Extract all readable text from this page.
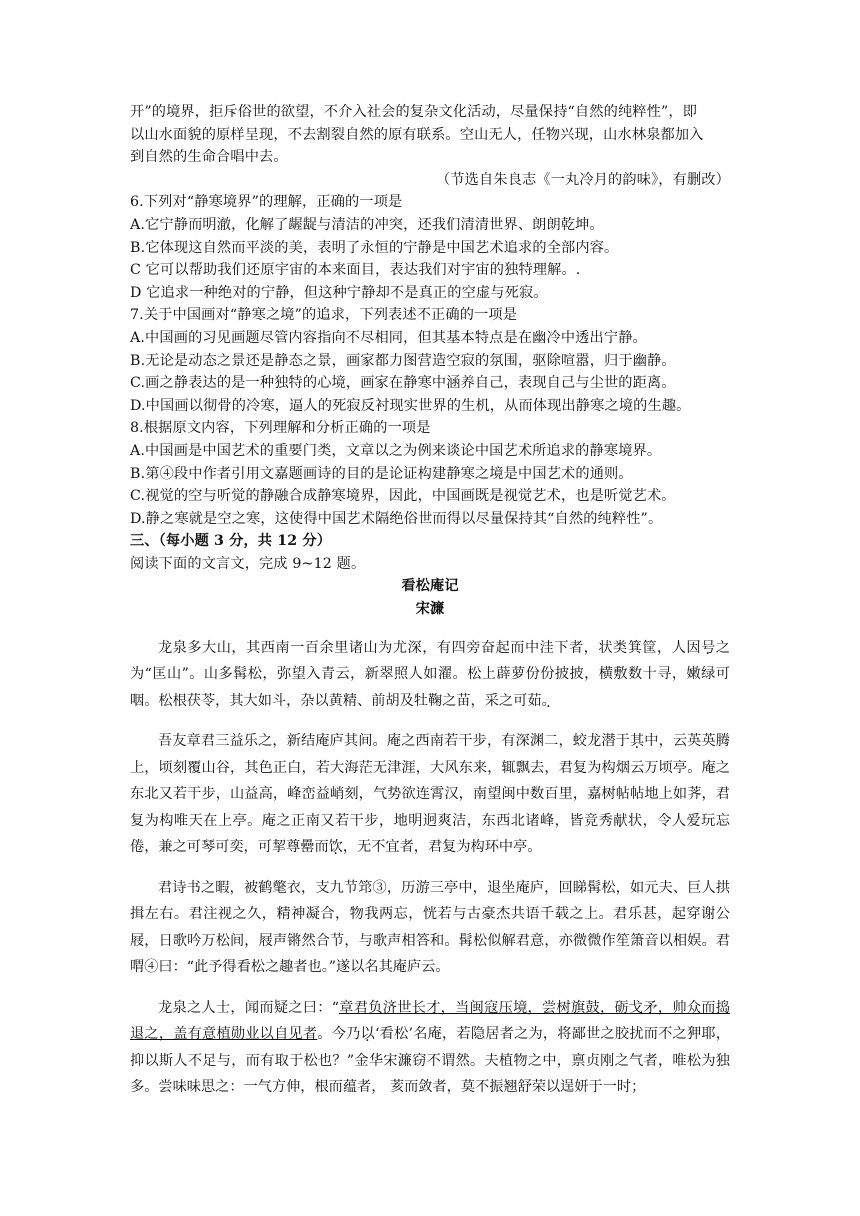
开”的境界，拒斥俗世的欲望，不介入社会的复杂文化活动，尽量保持“自然的纯粹性”，即
以山水面貌的原样呈现，不去割裂自然的原有联系。空山无人，任物兴现，山水林泉都加入
到自然的生命合唱中去。
（节选自朱良志《一丸冷月的韵味》，有删改）
6.下列对“静寒境界”的理解，正确的一项是
A.它宁静而明澈，化解了龌龊与清洁的冲突，还我们清清世界、朗朗乾坤。
B.它体现这自然而平淡的美，表明了永恒的宁静是中国艺术追求的全部内容。
C 它可以帮助我们还原宇宙的本来面目，表达我们对宇宙的独特理解。.
D 它追求一种绝对的宁静，但这种宁静却不是真正的空虚与死寂。
7.关于中国画对“静寒之境”的追求，下列表述不正确的一项是
A.中国画的习见画题尽管内容指向不尽相同，但其基本特点是在幽冷中透出宁静。
B.无论是动态之景还是静态之景，画家都力图营造空寂的氛围，驱除喧嚣，归于幽静。
C.画之静表达的是一种独特的心境，画家在静寒中涵养自己，表现自己与尘世的距离。
D.中国画以彻骨的冷寒，逼人的死寂反衬现实世界的生机，从而体现出静寒之境的生趣。
8.根据原文内容，下列理解和分析正确的一项是
A.中国画是中国艺术的重要门类，文章以之为例来谈论中国艺术所追求的静寒境界。
B.第④段中作者引用文嘉题画诗的目的是论证构建静寒之境是中国艺术的通则。
C.视觉的空与听觉的静融合成静寒境界，因此，中国画既是视觉艺术，也是听觉艺术。
D.静之寒就是空之寒，这使得中国艺术隔绝俗世而得以尽量保持其“自然的纯粹性”。
三、（每小题 3 分，共 12 分）
阅读下面的文言文，完成 9~12 题。
看松庵记
宋濂
龙泉多大山，其西南一百余里诸山为尤深，有四旁奋起而中洼下者，状类箕筐，人因号之为“匡山”。山多髯松，弥望入青云，新翠照人如濯。松上薜萝份份披披，横敷数十寻，嫩绿可咽。松根茯苓，其大如斗，杂以黄精、前胡及牡鞠之苗，采之可茹。
吾友章君三益乐之，新结庵庐其间。庵之西南若干步，有深渊二，蛟龙潜于其中，云英英腾上，顷刻覆山谷，其色正白，若大海茫无津涯，大风东来，辄飘去，君复为构烟云万顷亭。庵之东北又若干步，山益高，峰峦益峭刻，气势欲连霄汉，南望闽中数百里，嘉树帖帖地上如荠，君复为构唯天在上亭。庵之正南又若干步，地明迥爽洁，东西北诸峰，皆竞秀献状，令人爱玩忘倦，兼之可琴可奕，可挈尊罍而饮，无不宜者，君复为构环中亭。
君诗书之暇，被鹤氅衣，支九节筇③，历游三亭中，退坐庵庐，回睇髯松，如元夫、巨人拱揖左右。君注视之久，精神凝合，物我两忘，恍若与古豪杰共语千载之上。君乐甚，起穿谢公屐，日歌吟万松间，屐声锵然合节，与歌声相答和。髯松似解君意，亦微微作笙箫音以相娱。君喟④曰：“此予得看松之趣者也。”遂以名其庵庐云。
龙泉之人士，闻而疑之曰：“章君负济世长才，当闽寇压境，尝树旗鼓，砺戈矛，帅众而捣退之，盖有意植勋业以自见者。今乃以‘看松’名庵，若隐居者之为，将鄙世之胶扰而不之狎耶，抑以斯人不足与，而有取于松也？”金华宋濂窃不谓然。夫植物之中，禀贞刚之气者，唯松为独多。尝味味思之：一气方伸，根而蕴者， 荄而敛者，莫不振翘舒荣以逞妍于一时；
